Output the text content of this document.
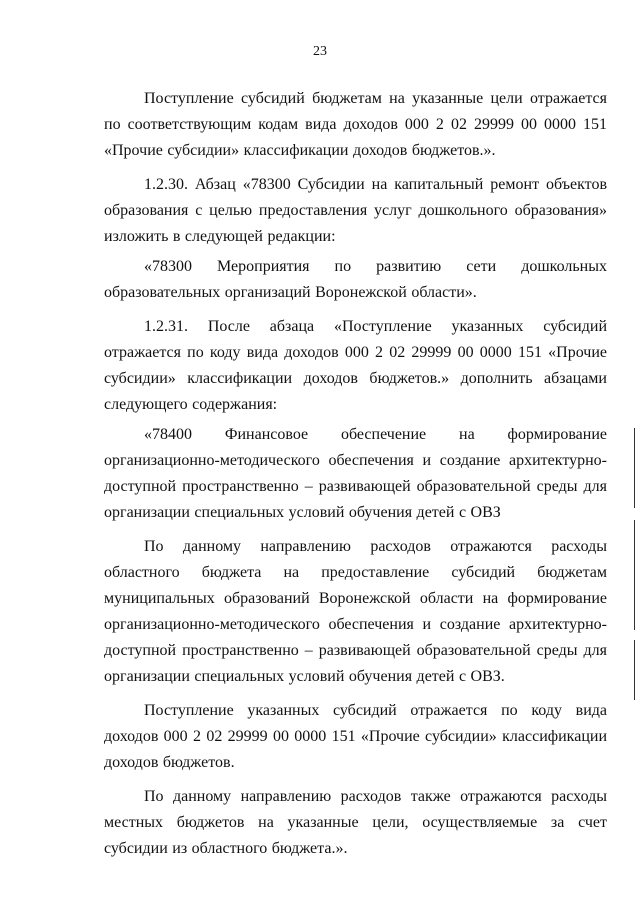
23

Поступление субсидий бюджетам на указанные цели отражается по соответствующим кодам вида доходов 000 2 02 29999 00 0000 151 «Прочие субсидии» классификации доходов бюджетов.».

1.2.30. Абзац «78300 Субсидии на капитальный ремонт объектов образования с целью предоставления услуг дошкольного образования» изложить в следующей редакции:

«78300 Мероприятия по развитию сети дошкольных образовательных организаций Воронежской области».

1.2.31. После абзаца «Поступление указанных субсидий отражается по коду вида доходов 000 2 02 29999 00 0000 151 «Прочие субсидии» классификации доходов бюджетов.» дополнить абзацами следующего содержания:

«78400 Финансовое обеспечение на формирование организационно-методического обеспечения и создание архитектурно-доступной пространственно – развивающей образовательной среды для организации специальных условий обучения детей с ОВЗ

По данному направлению расходов отражаются расходы областного бюджета на предоставление субсидий бюджетам муниципальных образований Воронежской области на формирование организационно-методического обеспечения и создание архитектурно-доступной пространственно – развивающей образовательной среды для организации специальных условий обучения детей с ОВЗ.

Поступление указанных субсидий отражается по коду вида доходов 000 2 02 29999 00 0000 151 «Прочие субсидии» классификации доходов бюджетов.

По данному направлению расходов также отражаются расходы местных бюджетов на указанные цели, осуществляемые за счет субсидии из областного бюджета.».
